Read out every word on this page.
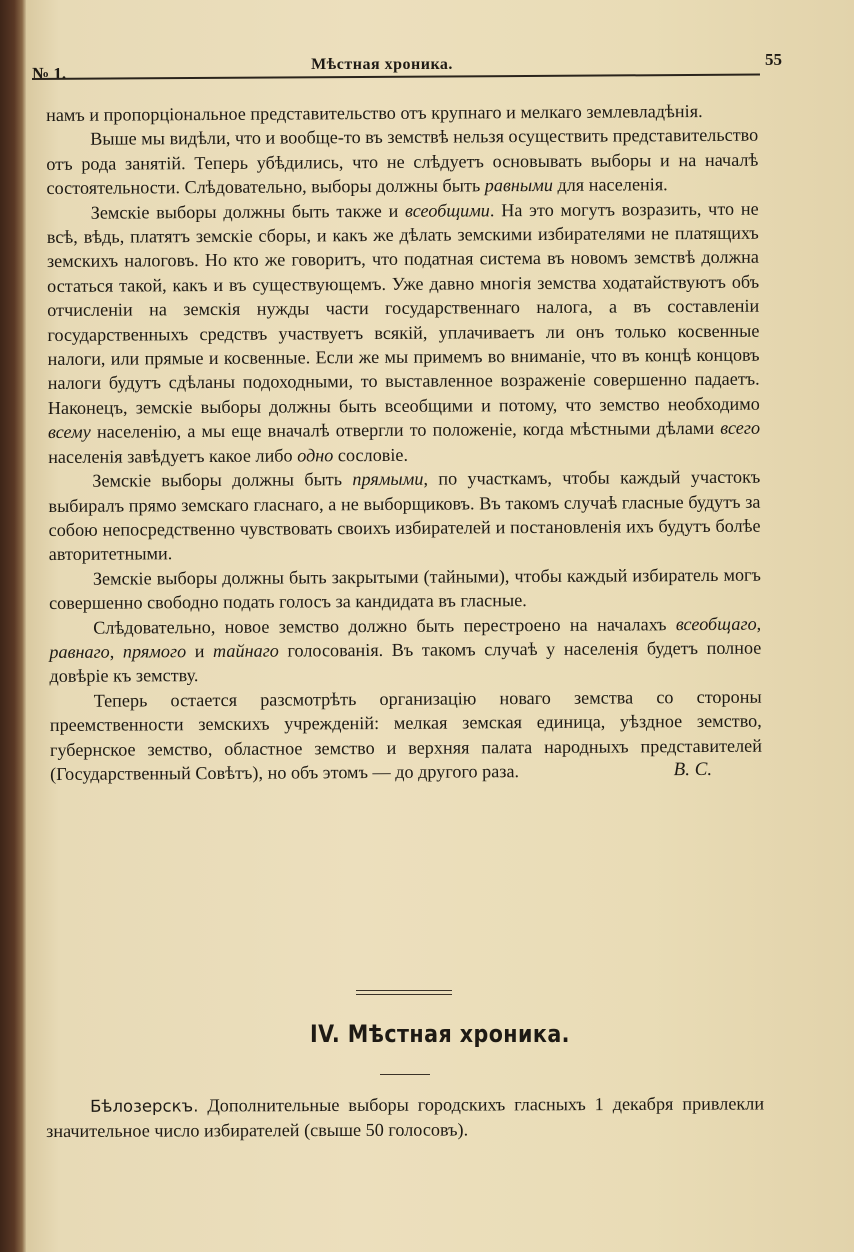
№ 1.	Мѣстная хроника.	55

намъ и пропорціональное представительство отъ крупнаго и мелкаго землевладѣнія.

Выше мы видѣли, что и вообще-то въ земствѣ нельзя осуществить представительство отъ рода занятій. Теперь убѣдились, что не слѣдуетъ основывать выборы и на началѣ состоятельности. Слѣдовательно, выборы должны быть равными для населенія.

Земскіе выборы должны быть также и всеобщими. На это могутъ возразить, что не всѣ, вѣдь, платятъ земскіе сборы, и какъ же дѣлать земскими избирателями не платящихъ земскихъ налоговъ. Но кто же говоритъ, что податная система въ новомъ земствѣ должна остаться такой, какъ и въ существующемъ. Уже давно многія земства ходатайствуютъ объ отчисленіи на земскія нужды части государственнаго налога, а въ составленіи государственныхъ средствъ участвуетъ всякій, уплачиваетъ ли онъ только косвенные налоги, или прямые и косвенные. Если же мы примемъ во вниманіе, что въ концѣ концовъ налоги будутъ сдѣланы подоходными, то выставленное возраженіе совершенно падаетъ. Наконецъ, земскіе выборы должны быть всеобщими и потому, что земство необходимо всему населенію, а мы еще вначалѣ отвергли то положеніе, когда мѣстными дѣлами всего населенія завѣдуетъ какое либо одно сословіе.

Земскіе выборы должны быть прямыми, по участкамъ, чтобы каждый участокъ выбиралъ прямо земскаго гласнаго, а не выборщиковъ. Въ такомъ случаѣ гласные будутъ за собою непосредственно чувствовать своихъ избирателей и постановленія ихъ будутъ болѣе авторитетными.

Земскіе выборы должны быть закрытыми (тайными), чтобы каждый избиратель могъ совершенно свободно подать голосъ за кандидата въ гласные.

Слѣдовательно, новое земство должно быть перестроено на началахъ всеобщаго, равнаго, прямого и тайнаго голосованія. Въ такомъ случаѣ у населенія будетъ полное довѣріе къ земству.

Теперь остается разсмотрѣть организацію новаго земства со стороны преемственности земскихъ учрежденій: мелкая земская единица, уѣздное земство, губернское земство, областное земство и верхняя палата народныхъ представителей (Государственный Совѣтъ), но объ этомъ — до другого раза.	В. С.
IV. Мѣстная хроника.

Бѣлозерскъ. Дополнительные выборы городскихъ гласныхъ 1 декабря привлекли значительное число избирателей (свыше 50 голосовъ).
